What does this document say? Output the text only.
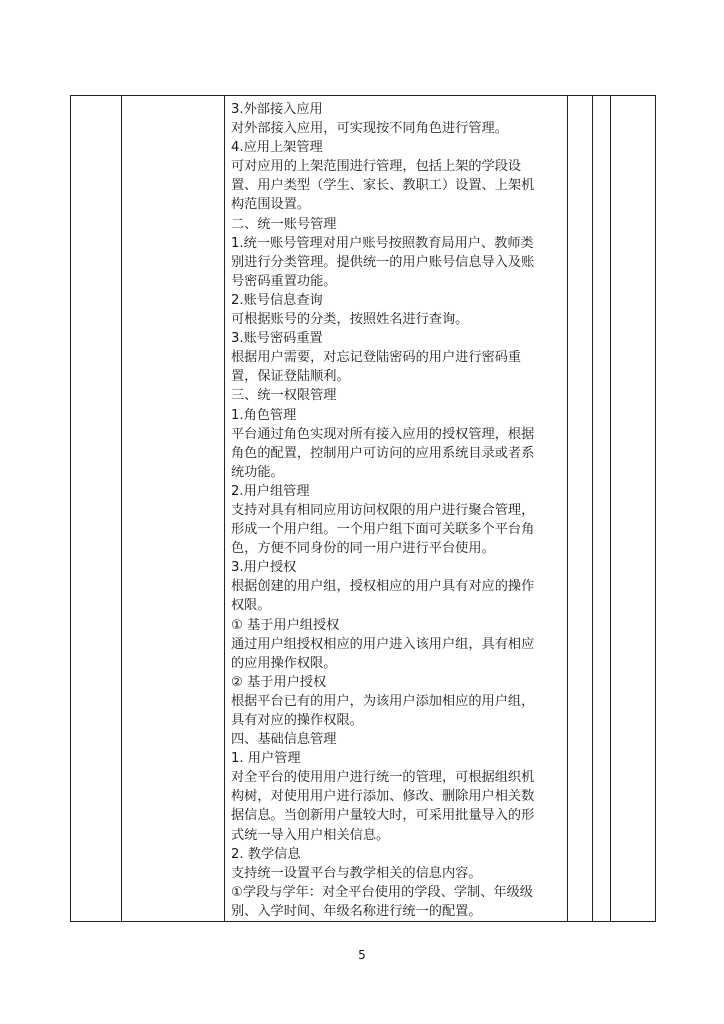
3.外部接入应用
对外部接入应用，可实现按不同角色进行管理。
4.应用上架管理
可对应用的上架范围进行管理，包括上架的学段设
置、用户类型（学生、家长、教职工）设置、上架机
构范围设置。
二、统一账号管理
1.统一账号管理对用户账号按照教育局用户、教师类
别进行分类管理。提供统一的用户账号信息导入及账
号密码重置功能。
2.账号信息查询
可根据账号的分类，按照姓名进行查询。
3.账号密码重置
根据用户需要，对忘记登陆密码的用户进行密码重
置，保证登陆顺利。
三、统一权限管理
1.角色管理
平台通过角色实现对所有接入应用的授权管理，根据
角色的配置，控制用户可访问的应用系统目录或者系
统功能。
2.用户组管理
支持对具有相同应用访问权限的用户进行聚合管理，
形成一个用户组。一个用户组下面可关联多个平台角
色，方便不同身份的同一用户进行平台使用。
3.用户授权
根据创建的用户组，授权相应的用户具有对应的操作
权限。
① 基于用户组授权
通过用户组授权相应的用户进入该用户组，具有相应
的应用操作权限。
② 基于用户授权
根据平台已有的用户，为该用户添加相应的用户组，
具有对应的操作权限。
四、基础信息管理
1. 用户管理
对全平台的使用用户进行统一的管理，可根据组织机
构树，对使用用户进行添加、修改、删除用户相关数
据信息。当创新用户量较大时，可采用批量导入的形
式统一导入用户相关信息。
2. 教学信息
支持统一设置平台与教学相关的信息内容。
①学段与学年：对全平台使用的学段、学制、年级级
别、入学时间、年级名称进行统一的配置。

5
